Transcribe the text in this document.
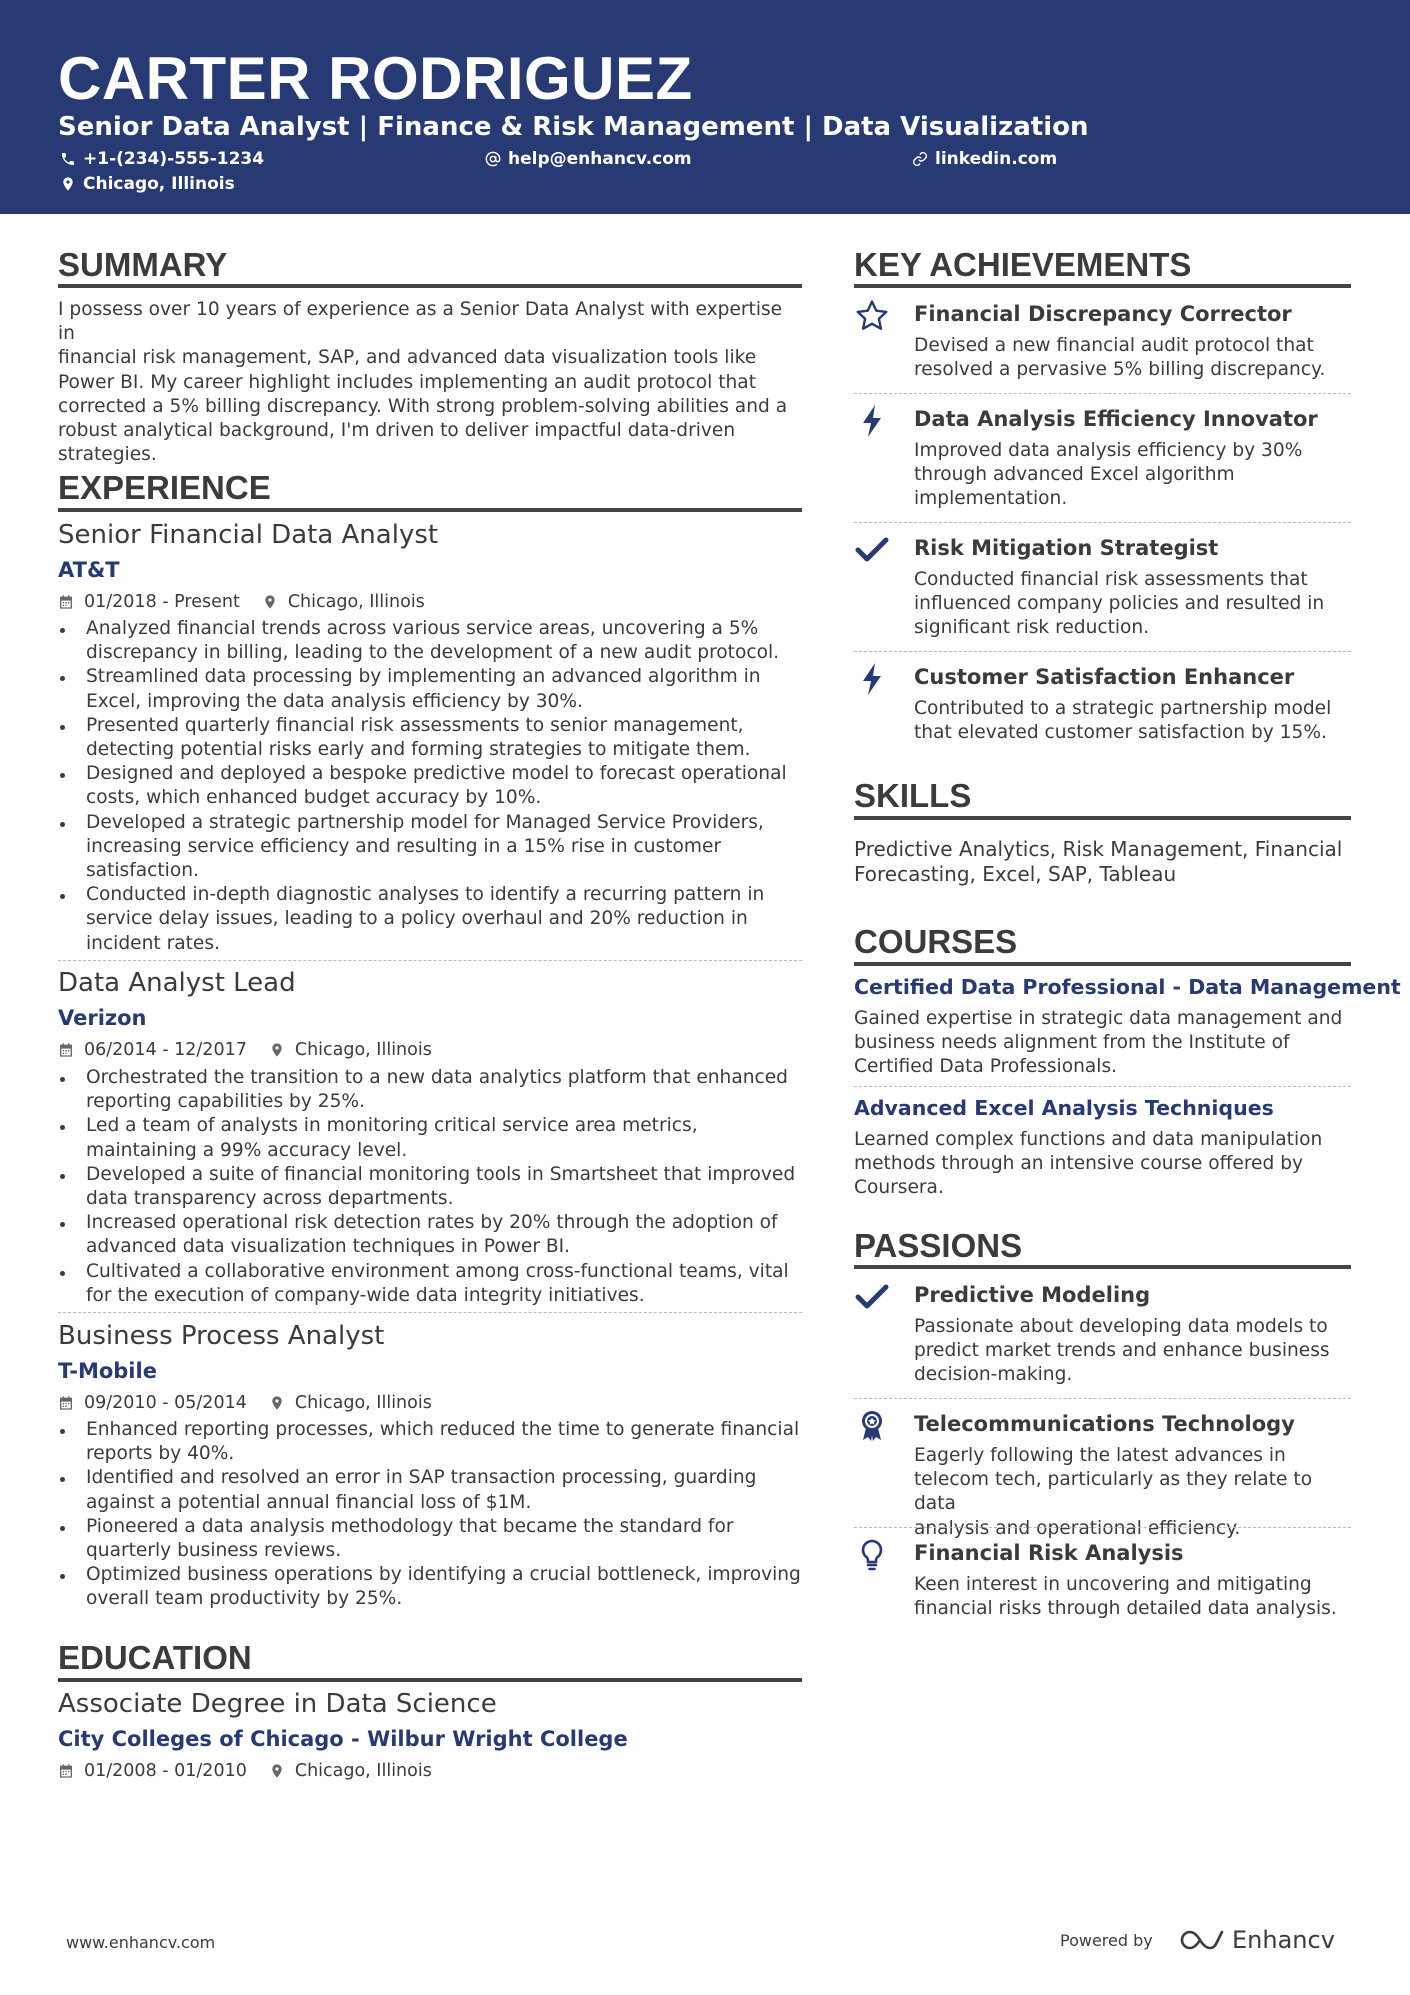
CARTER RODRIGUEZ
Senior Data Analyst | Finance & Risk Management | Data Visualization
+1-(234)-555-1234	help@enhancv.com	linkedin.com
Chicago, Illinois
SUMMARY
I possess over 10 years of experience as a Senior Data Analyst with expertise in
financial risk management, SAP, and advanced data visualization tools like
Power BI. My career highlight includes implementing an audit protocol that
corrected a 5% billing discrepancy. With strong problem-solving abilities and a
robust analytical background, I'm driven to deliver impactful data-driven
strategies.
EXPERIENCE
Senior Financial Data Analyst
AT&T
01/2018 - Present	Chicago, Illinois
Analyzed financial trends across various service areas, uncovering a 5% discrepancy in billing, leading to the development of a new audit protocol.
Streamlined data processing by implementing an advanced algorithm in Excel, improving the data analysis efficiency by 30%.
Presented quarterly financial risk assessments to senior management, detecting potential risks early and forming strategies to mitigate them.
Designed and deployed a bespoke predictive model to forecast operational costs, which enhanced budget accuracy by 10%.
Developed a strategic partnership model for Managed Service Providers, increasing service efficiency and resulting in a 15% rise in customer satisfaction.
Conducted in-depth diagnostic analyses to identify a recurring pattern in service delay issues, leading to a policy overhaul and 20% reduction in incident rates.
Data Analyst Lead
Verizon
06/2014 - 12/2017	Chicago, Illinois
Orchestrated the transition to a new data analytics platform that enhanced reporting capabilities by 25%.
Led a team of analysts in monitoring critical service area metrics, maintaining a 99% accuracy level.
Developed a suite of financial monitoring tools in Smartsheet that improved data transparency across departments.
Increased operational risk detection rates by 20% through the adoption of advanced data visualization techniques in Power BI.
Cultivated a collaborative environment among cross-functional teams, vital for the execution of company-wide data integrity initiatives.
Business Process Analyst
T-Mobile
09/2010 - 05/2014	Chicago, Illinois
Enhanced reporting processes, which reduced the time to generate financial reports by 40%.
Identified and resolved an error in SAP transaction processing, guarding against a potential annual financial loss of $1M.
Pioneered a data analysis methodology that became the standard for quarterly business reviews.
Optimized business operations by identifying a crucial bottleneck, improving overall team productivity by 25%.
EDUCATION
Associate Degree in Data Science
City Colleges of Chicago - Wilbur Wright College
01/2008 - 01/2010	Chicago, Illinois
KEY ACHIEVEMENTS
Financial Discrepancy Corrector
Devised a new financial audit protocol that
resolved a pervasive 5% billing discrepancy.
Data Analysis Efficiency Innovator
Improved data analysis efficiency by 30%
through advanced Excel algorithm
implementation.
Risk Mitigation Strategist
Conducted financial risk assessments that
influenced company policies and resulted in
significant risk reduction.
Customer Satisfaction Enhancer
Contributed to a strategic partnership model
that elevated customer satisfaction by 15%.
SKILLS
Predictive Analytics, Risk Management, Financial
Forecasting, Excel, SAP, Tableau
COURSES
Certified Data Professional - Data Management
Gained expertise in strategic data management and
business needs alignment from the Institute of
Certified Data Professionals.
Advanced Excel Analysis Techniques
Learned complex functions and data manipulation
methods through an intensive course offered by
Coursera.
PASSIONS
Predictive Modeling
Passionate about developing data models to
predict market trends and enhance business
decision-making.
Telecommunications Technology
Eagerly following the latest advances in
telecom tech, particularly as they relate to data
analysis and operational efficiency.
Financial Risk Analysis
Keen interest in uncovering and mitigating
financial risks through detailed data analysis.
www.enhancv.com	Powered by	Enhancv
